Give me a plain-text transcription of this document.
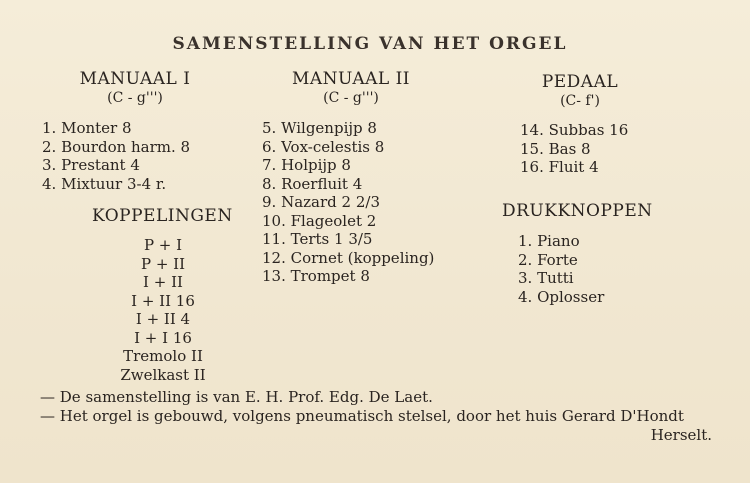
SAMENSTELLING VAN HET ORGEL
MANUAAL I
(C - g''')
1. Monter 8
2. Bourdon harm. 8
3. Prestant 4
4. Mixtuur 3-4 r.
KOPPELINGEN
P + I
P + II
I + II
I + II 16
I + II 4
I + I 16
Tremolo II
Zwelkast II
MANUAAL II
(C - g''')
5. Wilgenpijp 8
6. Vox-celestis 8
7. Holpijp 8
8. Roerfluit 4
9. Nazard 2 2/3
10. Flageolet 2
11. Terts 1 3/5
12. Cornet (koppeling)
13. Trompet 8
PEDAAL
(C- f')
14. Subbas 16
15. Bas 8
16. Fluit 4
DRUKKNOPPEN
1. Piano
2. Forte
3. Tutti
4. Oplosser
— De samenstelling is van E. H. Prof. Edg. De Laet.
— Het orgel is gebouwd, volgens pneumatisch stelsel, door het huis Gerard D'Hondt
Herselt.
